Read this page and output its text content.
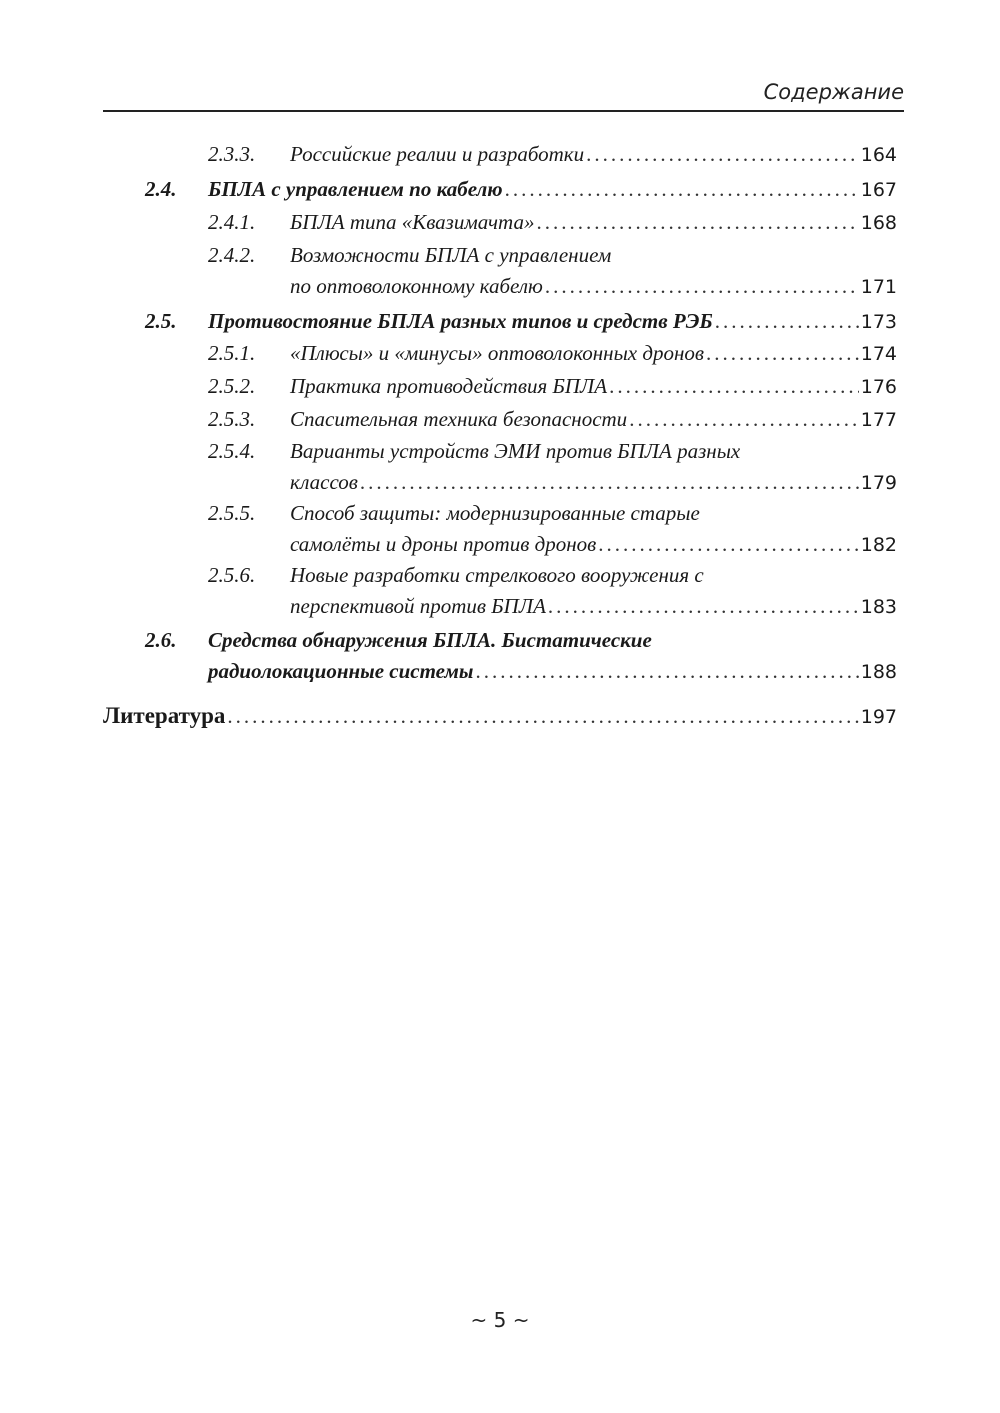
Содержание
2.3.3.	Российские реалии и разработки .....	164
2.4. БПЛА с управлением по кабелю .....	167
2.4.1.	БПЛА типа «Квазимачта» .....	168
2.4.2.	Возможности БПЛА с управлением
по оптоволоконному кабелю .....	171
2.5. Противостояние БПЛА разных типов и средств РЭБ .....	173
2.5.1.	«Плюсы» и «минусы» оптоволоконных дронов .....	174
2.5.2.	Практика противодействия БПЛА .....	176
2.5.3.	Спасительная техника безопасности .....	177
2.5.4.	Варианты устройств ЭМИ против БПЛА разных
классов .....	179
2.5.5.	Способ защиты: модернизированные старые
самолёты и дроны против дронов .....	182
2.5.6.	Новые разработки стрелкового вооружения с
перспективой против БПЛА .....	183
2.6. Средства обнаружения БПЛА. Бистатические
радиолокационные системы .....	188
Литература .....	197
~ 5 ~
